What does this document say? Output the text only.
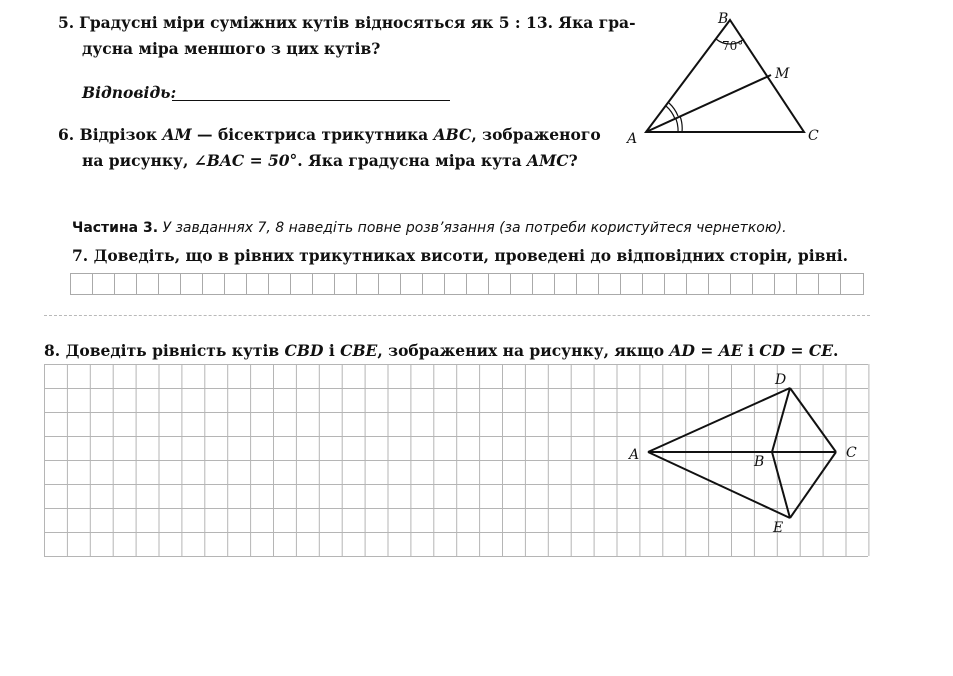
5. Градусні міри суміжних кутів відносяться як 5 : 13. Яка гра-
дусна міра меншого з цих кутів?
Відповідь:
6. Відрізок AM — бісектриса трикутника ABC, зображеного
на рисунку, ∠BAC = 50°. Яка градусна міра кута AMC?
B
A	C
M
70°
Частина 3. У завданнях 7, 8 наведіть повне розв’язання (за потреби користуйтеся чернеткою).
7. Доведіть, що в рівних трикутниках висоти, проведені до відповідних сторін, рівні.
8. Доведіть рівність кутів CBD і CBE, зображених на рисунку, якщо AD = AE і CD = CE.
A	B
C
D
E
